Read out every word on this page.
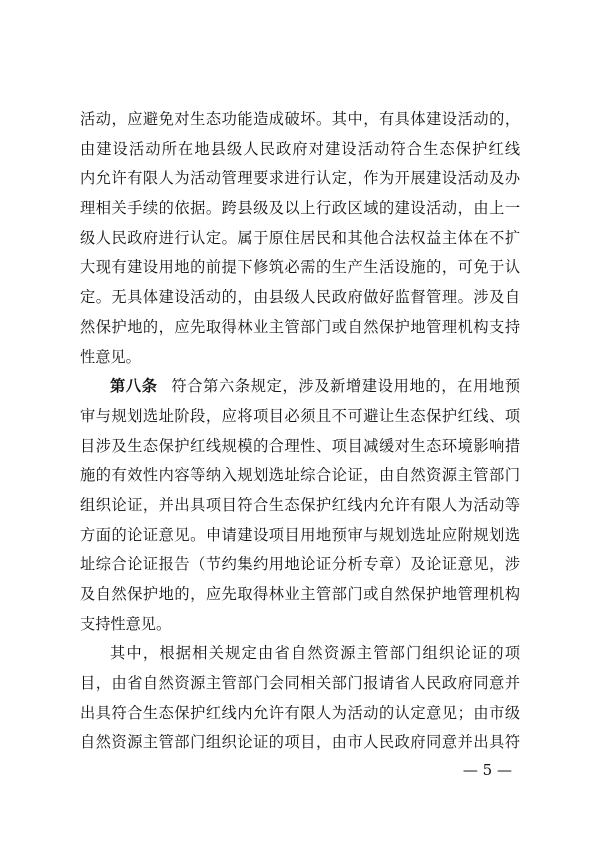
活动，应避免对生态功能造成破坏。其中，有具体建设活动的，
由建设活动所在地县级人民政府对建设活动符合生态保护红线
内允许有限人为活动管理要求进行认定，作为开展建设活动及办
理相关手续的依据。跨县级及以上行政区域的建设活动，由上一
级人民政府进行认定。属于原住居民和其他合法权益主体在不扩
大现有建设用地的前提下修筑必需的生产生活设施的，可免于认
定。无具体建设活动的，由县级人民政府做好监督管理。涉及自
然保护地的，应先取得林业主管部门或自然保护地管理机构支持
性意见。
第八条 符合第六条规定，涉及新增建设用地的，在用地预
审与规划选址阶段，应将项目必须且不可避让生态保护红线、项
目涉及生态保护红线规模的合理性、项目减缓对生态环境影响措
施的有效性内容等纳入规划选址综合论证，由自然资源主管部门
组织论证，并出具项目符合生态保护红线内允许有限人为活动等
方面的论证意见。申请建设项目用地预审与规划选址应附规划选
址综合论证报告（节约集约用地论证分析专章）及论证意见，涉
及自然保护地的，应先取得林业主管部门或自然保护地管理机构
支持性意见。
其中，根据相关规定由省自然资源主管部门组织论证的项
目，由省自然资源主管部门会同相关部门报请省人民政府同意并
出具符合生态保护红线内允许有限人为活动的认定意见；由市级
自然资源主管部门组织论证的项目，由市人民政府同意并出具符
— 5 —
